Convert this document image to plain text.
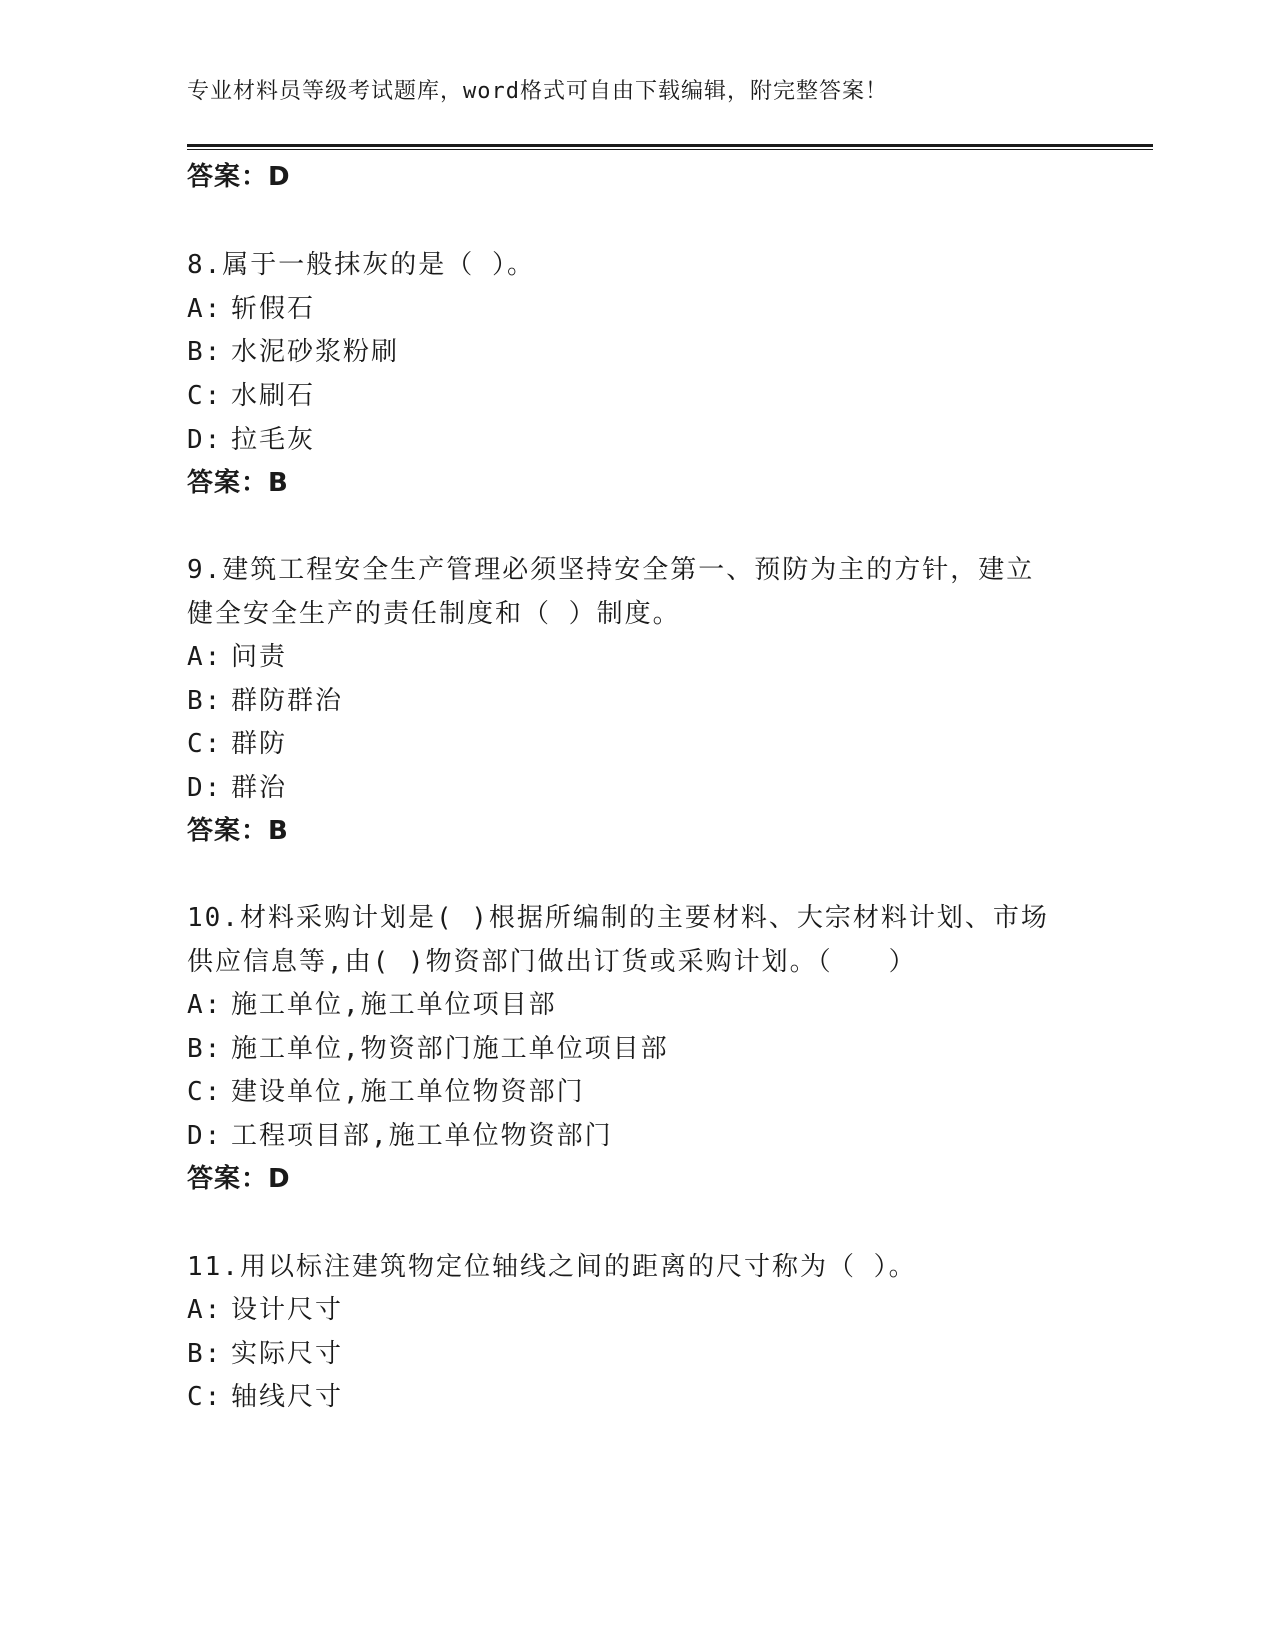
专业材料员等级考试题库，word格式可自由下载编辑，附完整答案！
答案：D
8.属于一般抹灰的是（ ）。
A: 斩假石
B: 水泥砂浆粉刷
C: 水刷石
D: 拉毛灰
答案：B
9.建筑工程安全生产管理必须坚持安全第一、预防为主的方针，建立
健全安全生产的责任制度和（ ）制度。
A: 问责
B: 群防群治
C: 群防
D: 群治
答案：B
10.材料采购计划是( )根据所编制的主要材料、大宗材料计划、市场
供应信息等,由( )物资部门做出订货或采购计划。（　　）
A: 施工单位,施工单位项目部
B: 施工单位,物资部门施工单位项目部
C: 建设单位,施工单位物资部门
D: 工程项目部,施工单位物资部门
答案：D
11.用以标注建筑物定位轴线之间的距离的尺寸称为（ ）。
A: 设计尺寸
B: 实际尺寸
C: 轴线尺寸
